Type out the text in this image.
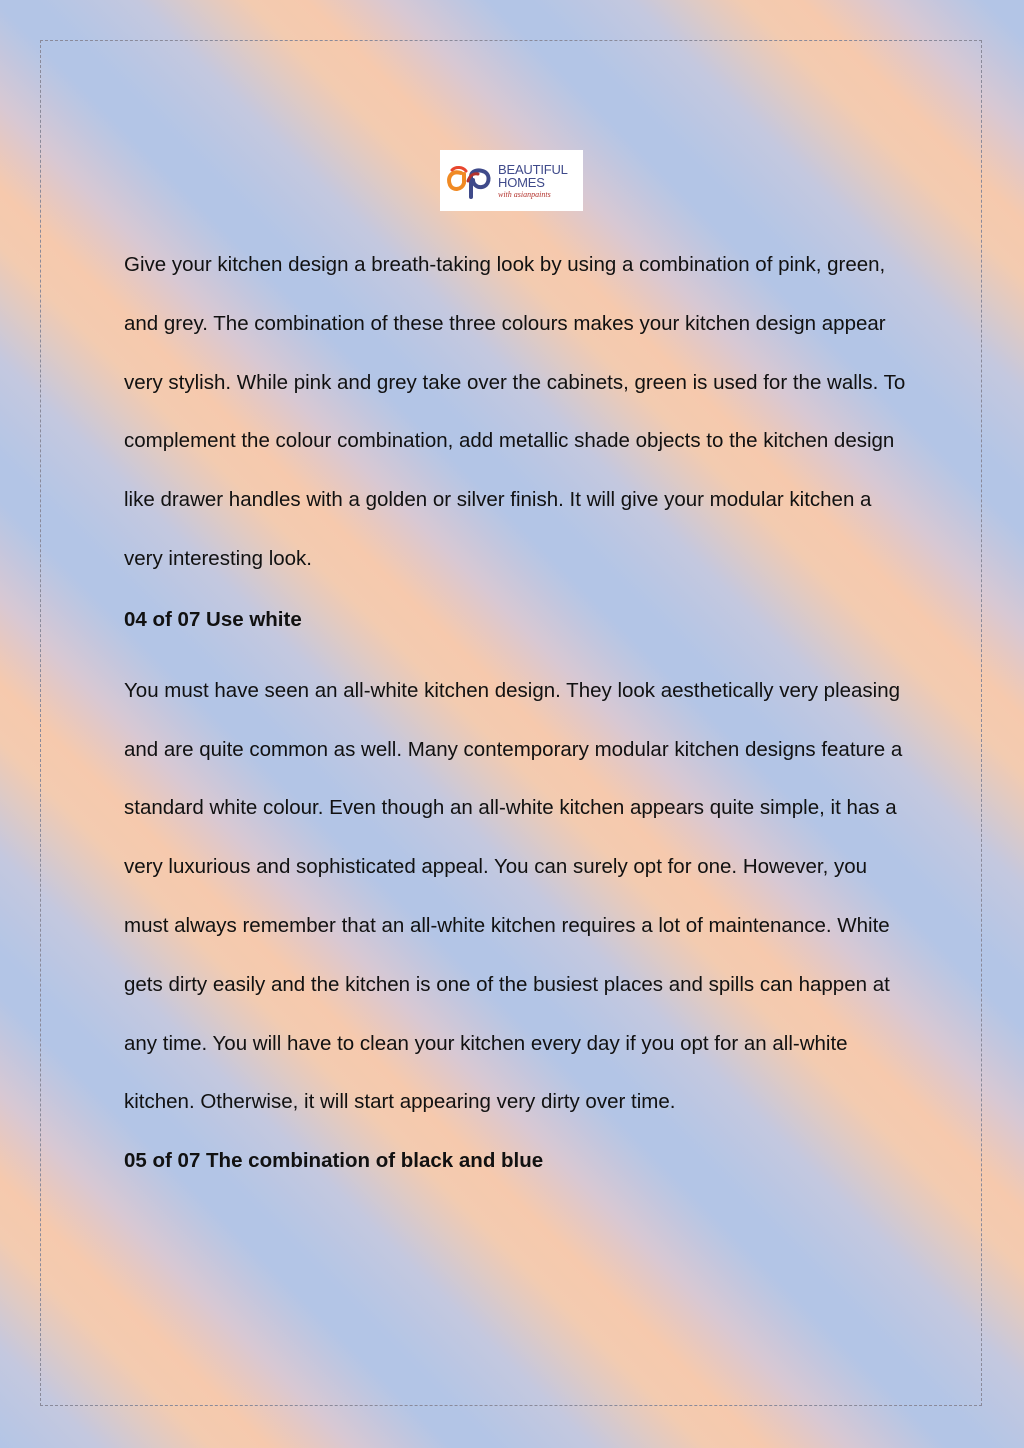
BEAUTIFUL
HOMES
with asianpaints

Give your kitchen design a breath-taking look by using a combination of pink, green, and grey. The combination of these three colours makes your kitchen design appear very stylish. While pink and grey take over the cabinets, green is used for the walls. To complement the colour combination, add metallic shade objects to the kitchen design like drawer handles with a golden or silver finish. It will give your modular kitchen a very interesting look.

04 of 07 Use white

You must have seen an all-white kitchen design. They look aesthetically very pleasing and are quite common as well. Many contemporary modular kitchen designs feature a standard white colour. Even though an all-white kitchen appears quite simple, it has a very luxurious and sophisticated appeal. You can surely opt for one. However, you must always remember that an all-white kitchen requires a lot of maintenance. White gets dirty easily and the kitchen is one of the busiest places and spills can happen at any time. You will have to clean your kitchen every day if you opt for an all-white kitchen. Otherwise, it will start appearing very dirty over time.

05 of 07 The combination of black and blue
